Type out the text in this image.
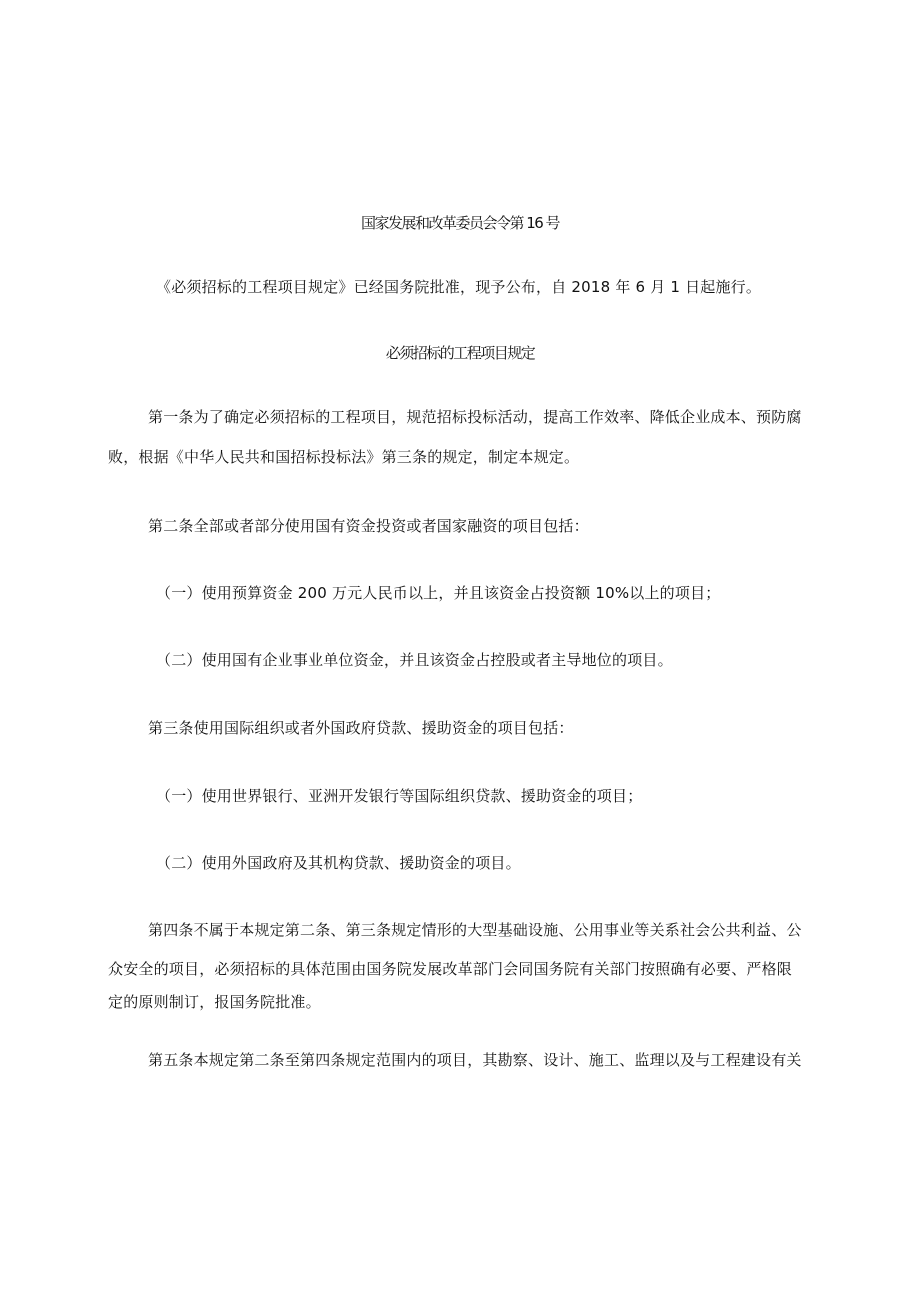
国家发展和改革委员会令第 16 号
《必须招标的工程项目规定》已经国务院批准，现予公布，自 2018 年 6 月 1 日起施行。
必须招标的工程项目规定
第一条为了确定必须招标的工程项目，规范招标投标活动，提高工作效率、降低企业成本、预防腐
败，根据《中华人民共和国招标投标法》第三条的规定，制定本规定。
第二条全部或者部分使用国有资金投资或者国家融资的项目包括：
（一）使用预算资金 200 万元人民币以上，并且该资金占投资额 10%以上的项目；
（二）使用国有企业事业单位资金，并且该资金占控股或者主导地位的项目。
第三条使用国际组织或者外国政府贷款、援助资金的项目包括：
（一）使用世界银行、亚洲开发银行等国际组织贷款、援助资金的项目；
（二）使用外国政府及其机构贷款、援助资金的项目。
第四条不属于本规定第二条、第三条规定情形的大型基础设施、公用事业等关系社会公共利益、公
众安全的项目，必须招标的具体范围由国务院发展改革部门会同国务院有关部门按照确有必要、严格限
定的原则制订，报国务院批准。
第五条本规定第二条至第四条规定范围内的项目，其勘察、设计、施工、监理以及与工程建设有关
